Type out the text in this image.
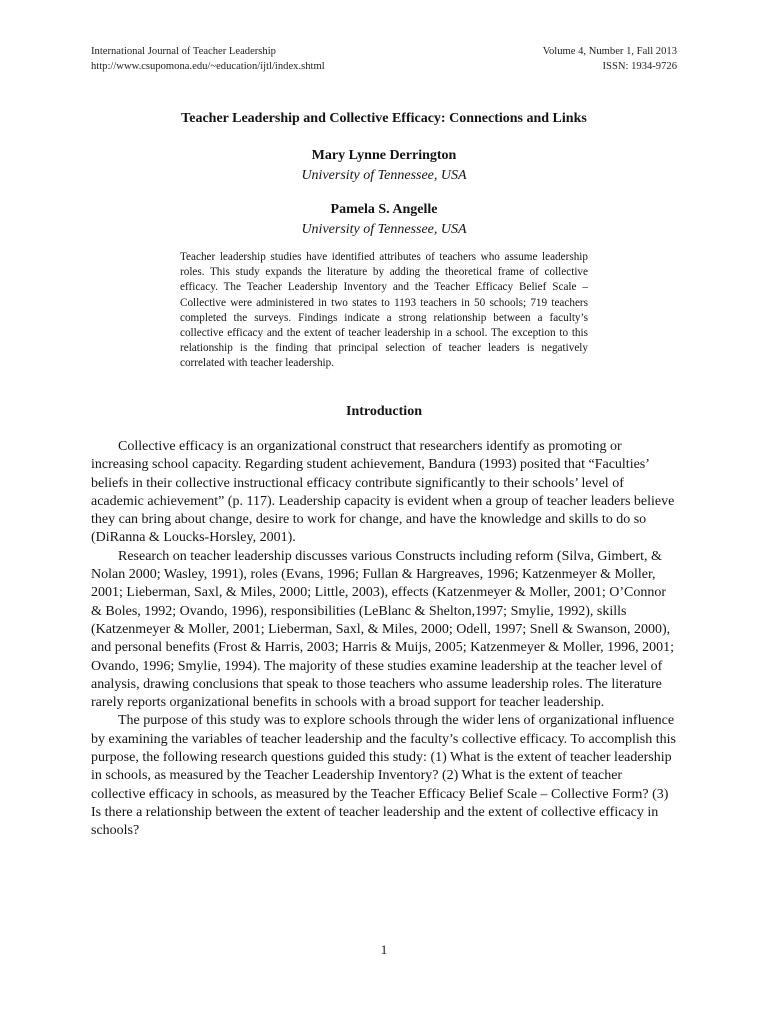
International Journal of Teacher Leadership
http://www.csupomona.edu/~education/ijtl/index.shtml
Volume 4, Number 1, Fall 2013
ISSN: 1934-9726
Teacher Leadership and Collective Efficacy: Connections and Links
Mary Lynne Derrington
University of Tennessee, USA
Pamela S. Angelle
University of Tennessee, USA
Teacher leadership studies have identified attributes of teachers who assume leadership roles. This study expands the literature by adding the theoretical frame of collective efficacy. The Teacher Leadership Inventory and the Teacher Efficacy Belief Scale – Collective were administered in two states to 1193 teachers in 50 schools; 719 teachers completed the surveys. Findings indicate a strong relationship between a faculty’s collective efficacy and the extent of teacher leadership in a school. The exception to this relationship is the finding that principal selection of teacher leaders is negatively correlated with teacher leadership.
Introduction

Collective efficacy is an organizational construct that researchers identify as promoting or increasing school capacity. Regarding student achievement, Bandura (1993) posited that “Faculties’ beliefs in their collective instructional efficacy contribute significantly to their schools’ level of academic achievement” (p. 117). Leadership capacity is evident when a group of teacher leaders believe they can bring about change, desire to work for change, and have the knowledge and skills to do so (DiRanna & Loucks-Horsley, 2001).

Research on teacher leadership discusses various Constructs including reform (Silva, Gimbert, & Nolan 2000; Wasley, 1991), roles (Evans, 1996; Fullan & Hargreaves, 1996; Katzenmeyer & Moller, 2001; Lieberman, Saxl, & Miles, 2000; Little, 2003), effects (Katzenmeyer & Moller, 2001; O’Connor & Boles, 1992; Ovando, 1996), responsibilities (LeBlanc & Shelton,1997; Smylie, 1992), skills (Katzenmeyer & Moller, 2001; Lieberman, Saxl, & Miles, 2000; Odell, 1997; Snell & Swanson, 2000), and personal benefits (Frost & Harris, 2003; Harris & Muijs, 2005; Katzenmeyer & Moller, 1996, 2001; Ovando, 1996; Smylie, 1994). The majority of these studies examine leadership at the teacher level of analysis, drawing conclusions that speak to those teachers who assume leadership roles. The literature rarely reports organizational benefits in schools with a broad support for teacher leadership.

The purpose of this study was to explore schools through the wider lens of organizational influence by examining the variables of teacher leadership and the faculty’s collective efficacy. To accomplish this purpose, the following research questions guided this study: (1) What is the extent of teacher leadership in schools, as measured by the Teacher Leadership Inventory? (2) What is the extent of teacher collective efficacy in schools, as measured by the Teacher Efficacy Belief Scale – Collective Form? (3) Is there a relationship between the extent of teacher leadership and the extent of collective efficacy in schools?

1
